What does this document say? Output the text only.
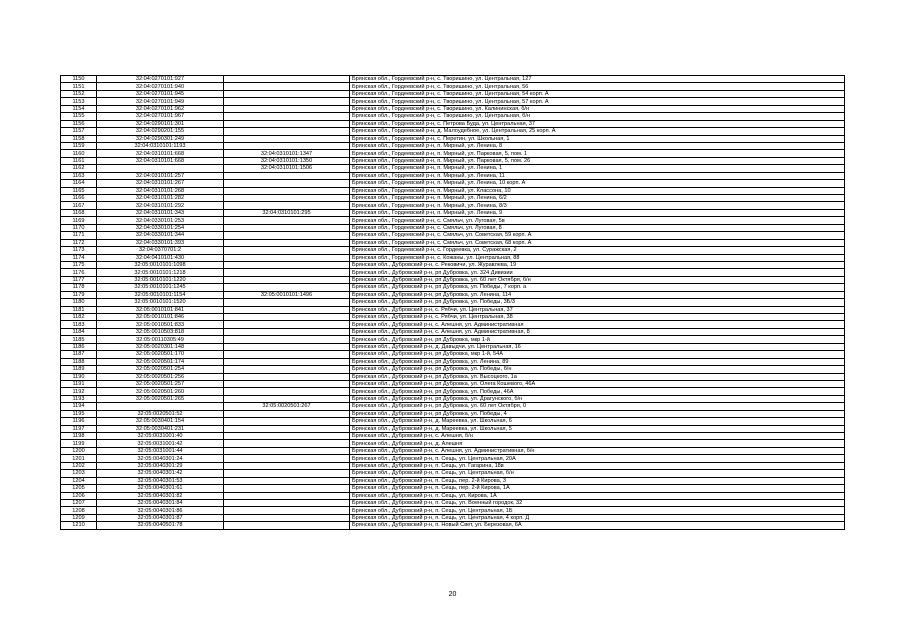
1150	32:04:0270101:927		Брянская обл., Гордеевский р-н, с. Творишино, ул. Центральная, 127
1151	32:04:0270101:940		Брянская обл., Гордеевский р-н, с. Творишино, ул. Центральная, 56
1152	32:04:0270101:945		Брянская обл., Гордеевский р-н, с. Творишино, ул. Центральная, 54 корп. А
1153	32:04:0270101:949		Брянская обл., Гордеевский р-н, с. Творишино, ул. Центральная, 57 корп. А
1154	32:04:0270101:962		Брянская обл., Гордеевский р-н, с. Творишино, ул. Калининская, б/н
1155	32:04:0270101:967		Брянская обл., Гордеевский р-н, с. Творишино, ул. Центральная, б/н
1156	32:04:0290101:301		Брянская обл., Гордеевский р-н, с. Петрова Буда, ул. Центральная, 37
1157	32:04:0290201:155		Брянская обл., Гордеевский р-н, д. Малоудебное, ул. Центральная, 25 корп. А
1158	32:04:0290301:249		Брянская обл., Гордеевский р-н, с. Перетин, ул. Школьная, 1
1159	32:04:0310101:1193		Брянская обл., Гордеевский р-н, п. Мирный, ул. Ленина, 8
1160	32:04:0310101:668	32:04:0310101:1347	Брянская обл., Гордеевский р-н, п. Мирный, ул. Парковая, 5, пом. 1
1161	32:04:0310101:668	32:04:0310101:1350	Брянская обл., Гордеевский р-н, п. Мирный, ул. Парковая, 5, пом. 26
1162		32:04:0310101:1506	Брянская обл., Гордеевский р-н, п. Мирный, ул. Ленина, 1
1163	32:04:0310101:257		Брянская обл., Гордеевский р-н, п. Мирный, ул. Ленина, 11
1164	32:04:0310101:267		Брянская обл., Гордеевский р-н, п. Мирный, ул. Ленина, 10 корп. А
1165	32:04:0310101:268		Брянская обл., Гордеевский р-н, п. Мирный, ул. Классона, 10
1166	32:04:0310101:282		Брянская обл., Гордеевский р-н, п. Мирный, ул. Ленина, 6/2
1167	32:04:0310101:292		Брянская обл., Гордеевский р-н, п. Мирный, ул. Ленина, 8/3
1168	32:04:0310101:343	32:04:0310101:295	Брянская обл., Гордеевский р-н, п. Мирный, ул. Ленина, 9
1169	32:04:0330101:253		Брянская обл., Гордеевский р-н, с. Смяльч, ул. Луговая, 5в
1170	32:04:0330101:254		Брянская обл., Гордеевский р-н, с. Смяльч, ул. Луговая, 8
1171	32:04:0330101:344		Брянская обл., Гордеевский р-н, с. Смяльч, ул. Советская, 59 корп. А
1172	32:04:0330101:393		Брянская обл., Гордеевский р-н, с. Смяльч, ул. Советская, 68 корп. А
1173	32:04:0370701:2		Брянская обл., Гордеевский р-н, с. Гордеевка, ул. Суражская, 2
1174	32:04:0410101:430		Брянская обл., Гордеевский р-н, с. Кожаны, ул. Центральная, 88
1175	32:05:0010101:1098		Брянская обл., Дубровский р-н, с. Рековичи, ул. Журавлева, 19
1176	32:05:0010101:1218		Брянская обл., Дубровский р-н, рп Дубровка, ул. 324 Дивизии
1177	32:05:0010101:1220		Брянская обл., Дубровский р-н, рп Дубровка, ул. 60 лет Октября, б/н
1178	32:05:0010101:1245		Брянская обл., Дубровский р-н, рп Дубровка, ул. Победы, 7 корп. а
1179	32:05:0010101:1154	32:05:0010101:1496	Брянская обл., Дубровский р-н, рп Дубровка, ул. Ленина, 114
1180	32:05:0010101:1520		Брянская обл., Дубровский р-н, рп Дубровка, ул. Победы, 3Б/3
1181	32:05:0010101:841		Брянская обл., Дубровский р-н, с. Рябчи, ул. Центральная, 37
1182	32:05:0010101:846		Брянская обл., Дубровский р-н, с. Рябчи, ул. Центральная, 38
1183	32:05:0010501:833		Брянская обл., Дубровский р-н, с. Алешня, ул. Административная
1184	32:05:0010503:818		Брянская обл., Дубровский р-н, с. Алешня, ул. Административная, 8
1185	32:05:00110305:49		Брянская обл., Дубровский р-н, рп Дубровка, мкр 1-й
1186	32:05:0020301:148		Брянская обл., Дубровский р-н, д. Давыдчи, ул. Центральная, 16
1187	32:05:0020501:170		Брянская обл., Дубровский р-н, рп Дубровка, мкр 1-й, 54А
1188	32:05:0020501:174		Брянская обл., Дубровский р-н, рп Дубровка, ул. Ленина, 89
1189	32:05:0020501:254		Брянская обл., Дубровский р-н, рп Дубровка, ул. Победы, б/н
1190	32:05:0020501:256		Брянская обл., Дубровский р-н, рп Дубровка, ул. Высоцкого, 1а
1191	32:05:0020501:257		Брянская обл., Дубровский р-н, рп Дубровка, ул. Олега Кошевого, 46А
1192	32:05:0020501:260		Брянская обл., Дубровский р-н, рп Дубровка, ул. Победы, 46А
1193	32:05:0020501:265		Брянская обл., Дубровский р-н, рп Дубровка, ул. Драгунского, б/н
1194		32:05:0020501:267	Брянская обл., Дубровский р-н, рп Дубровка, ул. 60 лет Октября, 0
1195	32:05:0020501:52		Брянская обл., Дубровский р-н, рп Дубровка, ул. Победы, 4
1196	32:05:0030401:154		Брянская обл., Дубровский р-н, д. Мареевка, ул. Школьная, 6
1197	32:05:0030401:231		Брянская обл., Дубровский р-н, д. Мареевка, ул. Школьная, 5
1198	32:05:0031001:40		Брянская обл., Дубровский р-н, с. Алешня, б/н
1199	32:05:0031001:42		Брянская обл., Дубровский р-н, д. Алешня
1200	32:05:0031001:44		Брянская обл., Дубровский р-н, с. Алешня, ул. Административная, б/н
1201	32:05:0040301:24		Брянская обл., Дубровский р-н, п. Сещь, ул. Центральная, 20А
1202	32:05:0040301:29		Брянская обл., Дубровский р-н, п. Сещь, ул. Гагарина, 18в
1203	32:05:0040301:42		Брянская обл., Дубровский р-н, п. Сещь, ул. Центральная, б/н
1204	32:05:0040301:53		Брянская обл., Дубровский р-н, п. Сещь, пер. 2-й Кирова, 3
1205	32:05:0040301:61		Брянская обл., Дубровский р-н, п. Сещь, пер. 2-й Кирова, 1А
1206	32:05:0040301:82		Брянская обл., Дубровский р-н, п. Сещь, ул. Кирова, 1А
1207	32:05:0040301:84		Брянская обл., Дубровский р-н, п. Сещь, ул. Военный городок, 32
1208	32:05:0040301:86		Брянская обл., Дубровский р-н, п. Сещь, ул. Центральная, 1Б
1209	32:05:0040301:87		Брянская обл., Дубровский р-н, п. Сещь, ул. Центральная, 4 корп. Д
1210	32:05:0040501:78		Брянская обл., Дубровский р-н, п. Новый Свет, ул. Березовая, 6А
20
